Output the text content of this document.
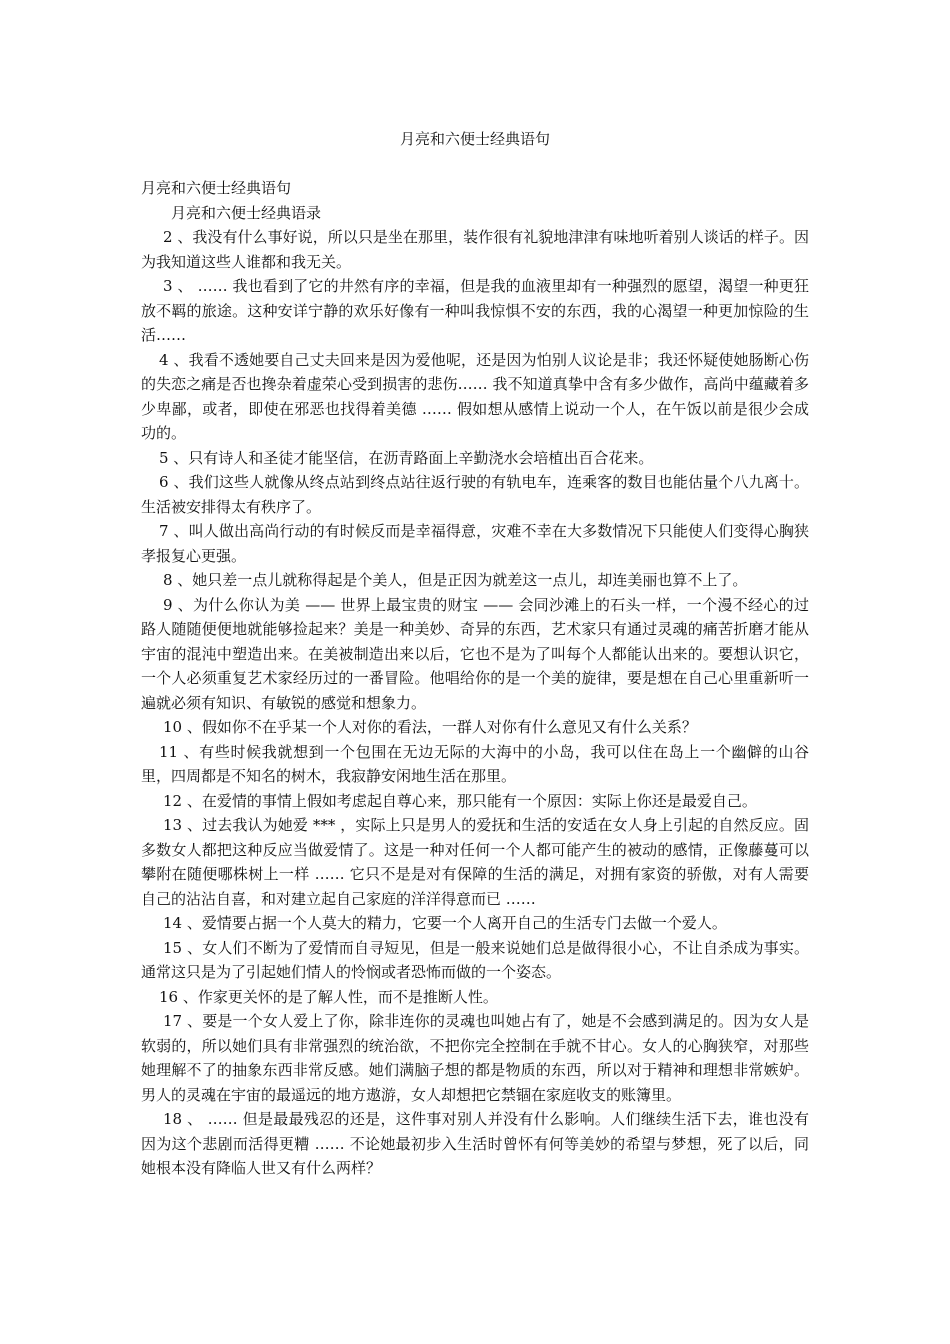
月亮和六便士经典语句

月亮和六便士经典语句

月亮和六便士经典语录

2 、我没有什么事好说，所以只是坐在那里，装作很有礼貌地津津有味地听着别人谈话的样子。因为我知道这些人谁都和我无关。

3 、 …… 我也看到了它的井然有序的幸福，但是我的血液里却有一种强烈的愿望，渴望一种更狂放不羁的旅途。这种安详宁静的欢乐好像有一种叫我惊惧不安的东西，我的心渴望一种更加惊险的生活……

4 、我看不透她要自己丈夫回来是因为爱他呢，还是因为怕别人议论是非；我还怀疑使她肠断心伤的失恋之痛是否也搀杂着虚荣心受到损害的悲伤…… 我不知道真挚中含有多少做作，高尚中蕴藏着多少卑鄙，或者，即使在邪恶也找得着美德 …… 假如想从感情上说动一个人，在午饭以前是很少会成功的。

5 、只有诗人和圣徒才能坚信，在沥青路面上辛勤浇水会培植出百合花来。

6 、我们这些人就像从终点站到终点站往返行驶的有轨电车，连乘客的数目也能估量个八九离十。生活被安排得太有秩序了。

7 、叫人做出高尚行动的有时候反而是幸福得意，灾难不幸在大多数情况下只能使人们变得心胸狭孝报复心更强。

8 、她只差一点儿就称得起是个美人，但是正因为就差这一点儿，却连美丽也算不上了。

9 、为什么你认为美 —— 世界上最宝贵的财宝 —— 会同沙滩上的石头一样，一个漫不经心的过路人随随便便地就能够捡起来？美是一种美妙、奇异的东西，艺术家只有通过灵魂的痛苦折磨才能从宇宙的混沌中塑造出来。在美被制造出来以后，它也不是为了叫每个人都能认出来的。要想认识它，一个人必须重复艺术家经历过的一番冒险。他唱给你的是一个美的旋律，要是想在自己心里重新听一遍就必须有知识、有敏锐的感觉和想象力。

10 、假如你不在乎某一个人对你的看法，一群人对你有什么意见又有什么关系？

11 、有些时候我就想到一个包围在无边无际的大海中的小岛，我可以住在岛上一个幽僻的山谷里，四周都是不知名的树木，我寂静安闲地生活在那里。

12 、在爱情的事情上假如考虑起自尊心来，那只能有一个原因：实际上你还是最爱自己。

13 、过去我认为她爱 *** ，实际上只是男人的爱抚和生活的安适在女人身上引起的自然反应。固多数女人都把这种反应当做爱情了。这是一种对任何一个人都可能产生的被动的感情，正像藤蔓可以攀附在随便哪株树上一样 …… 它只不是是对有保障的生活的满足，对拥有家资的骄傲，对有人需要自己的沾沾自喜，和对建立起自己家庭的洋洋得意而已 ……

14 、爱情要占据一个人莫大的精力，它要一个人离开自己的生活专门去做一个爱人。

15 、女人们不断为了爱情而自寻短见，但是一般来说她们总是做得很小心，不让自杀成为事实。通常这只是为了引起她们情人的怜悯或者恐怖而做的一个姿态。

16 、作家更关怀的是了解人性，而不是推断人性。

17 、要是一个女人爱上了你，除非连你的灵魂也叫她占有了，她是不会感到满足的。因为女人是软弱的，所以她们具有非常强烈的统治欲，不把你完全控制在手就不甘心。女人的心胸狭窄，对那些她理解不了的抽象东西非常反感。她们满脑子想的都是物质的东西，所以对于精神和理想非常嫉妒。男人的灵魂在宇宙的最遥远的地方遨游，女人却想把它禁锢在家庭收支的账簿里。

18 、 …… 但是最最残忍的还是，这件事对别人并没有什么影响。人们继续生活下去，谁也没有因为这个悲剧而活得更糟 …… 不论她最初步入生活时曾怀有何等美妙的希望与梦想，死了以后，同她根本没有降临人世又有什么两样？
